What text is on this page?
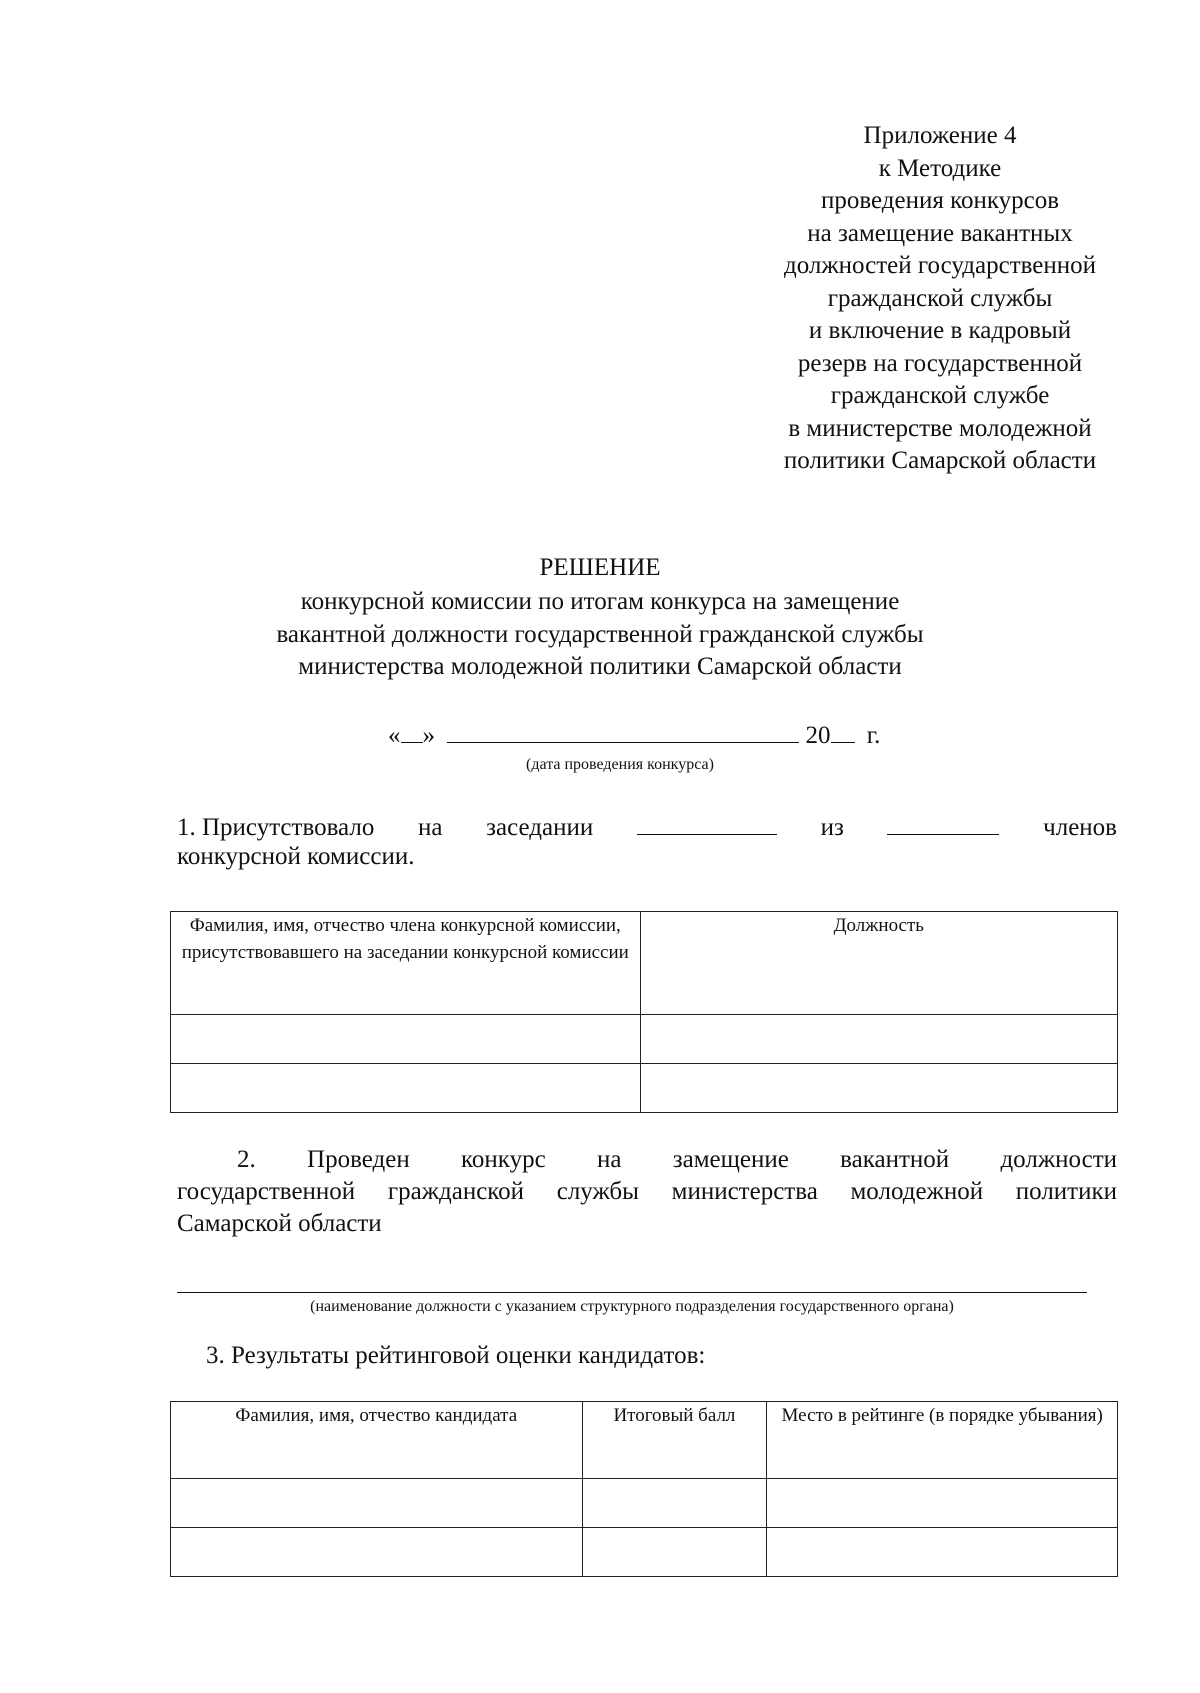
Приложение 4
к Методике
проведения конкурсов
на замещение вакантных
должностей государственной
гражданской службы
и включение в кадровый
резерв на государственной
гражданской службе
в министерстве молодежной
политики Самарской области
РЕШЕНИЕ
конкурсной комиссии по итогам конкурса на замещение
вакантной должности государственной гражданской службы
министерства молодежной политики Самарской области
« »	20 г.
(дата проведения конкурса)
1. Присутствовало на заседании	из	членов
конкурсной комиссии.
Фамилия, имя, отчество члена конкурсной комиссии, присутствовавшего на заседании конкурсной комиссии	Должность

2. Проведен конкурс на замещение вакантной должности
государственной гражданской службы министерства молодежной политики
Самарской области
(наименование должности с указанием структурного подразделения государственного органа)
3. Результаты рейтинговой оценки кандидатов:
Фамилия, имя, отчество кандидата	Итоговый балл	Место в рейтинге (в порядке убывания)
